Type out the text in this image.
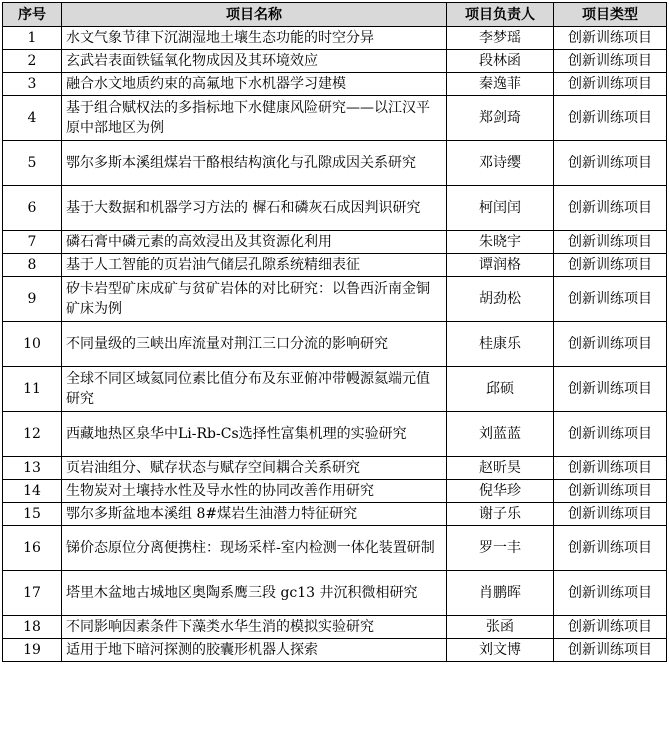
序号	项目名称	项目负责人	项目类型
1	水文气象节律下沉湖湿地土壤生态功能的时空分异	李梦瑶	创新训练项目
2	玄武岩表面铁锰氧化物成因及其环境效应	段林函	创新训练项目
3	融合水文地质约束的高氟地下水机器学习建模	秦逸菲	创新训练项目
4	基于组合赋权法的多指标地下水健康风险研究——以江汉平原中部地区为例	郑剑琦	创新训练项目
5	鄂尔多斯本溪组煤岩干酪根结构演化与孔隙成因关系研究	邓诗缨	创新训练项目
6	基于大数据和机器学习方法的 樨石和磷灰石成因判识研究	柯闰闰	创新训练项目
7	磷石膏中磷元素的高效浸出及其资源化利用	朱晓宇	创新训练项目
8	基于人工智能的页岩油气储层孔隙系统精细表征	谭润格	创新训练项目
9	矽卡岩型矿床成矿与贫矿岩体的对比研究：以鲁西沂南金铜矿床为例	胡劲松	创新训练项目
10	不同量级的三峡出库流量对荆江三口分流的影响研究	桂康乐	创新训练项目
11	全球不同区域氦同位素比值分布及东亚俯冲带幔源氦端元值研究	邱硕	创新训练项目
12	西藏地热区泉华中Li-Rb-Cs选择性富集机理的实验研究	刘蓝蓝	创新训练项目
13	页岩油组分、赋存状态与赋存空间耦合关系研究	赵昕昊	创新训练项目
14	生物炭对土壤持水性及导水性的协同改善作用研究	倪华珍	创新训练项目
15	鄂尔多斯盆地本溪组 8#煤岩生油潜力特征研究	谢子乐	创新训练项目
16	锑价态原位分离便携柱：现场采样-室内检测一体化装置研制	罗一丰	创新训练项目
17	塔里木盆地古城地区奥陶系鹰三段 gc13 井沉积微相研究	肖鹏晖	创新训练项目
18	不同影响因素条件下藻类水华生消的模拟实验研究	张函	创新训练项目
19	适用于地下暗河探测的胶囊形机器人探索	刘文博	创新训练项目
